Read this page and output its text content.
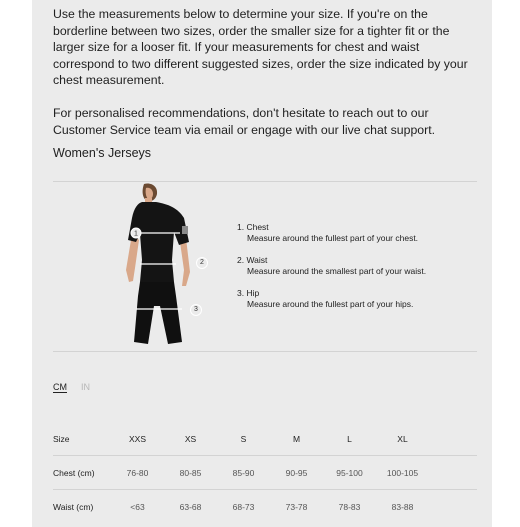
Use the measurements below to determine your size. If you're on the borderline between two sizes, order the smaller size for a tighter fit or the larger size for a looser fit. If your measurements for chest and waist correspond to two different suggested sizes, order the size indicated by your chest measurement.

For personalised recommendations, don't hesitate to reach out to our Customer Service team via email or engage with our live chat support.

Women's Jerseys
1
2
3
1. Chest
Measure around the fullest part of your chest.
2. Waist
Measure around the smallest part of your waist.
3. Hip
Measure around the fullest part of your hips.
CM IN
Size	XXS	XS	S	M	L	XL
Chest (cm)	76-80	80-85	85-90	90-95	95-100	100-105
Waist (cm)	<63	63-68	68-73	73-78	78-83	83-88
